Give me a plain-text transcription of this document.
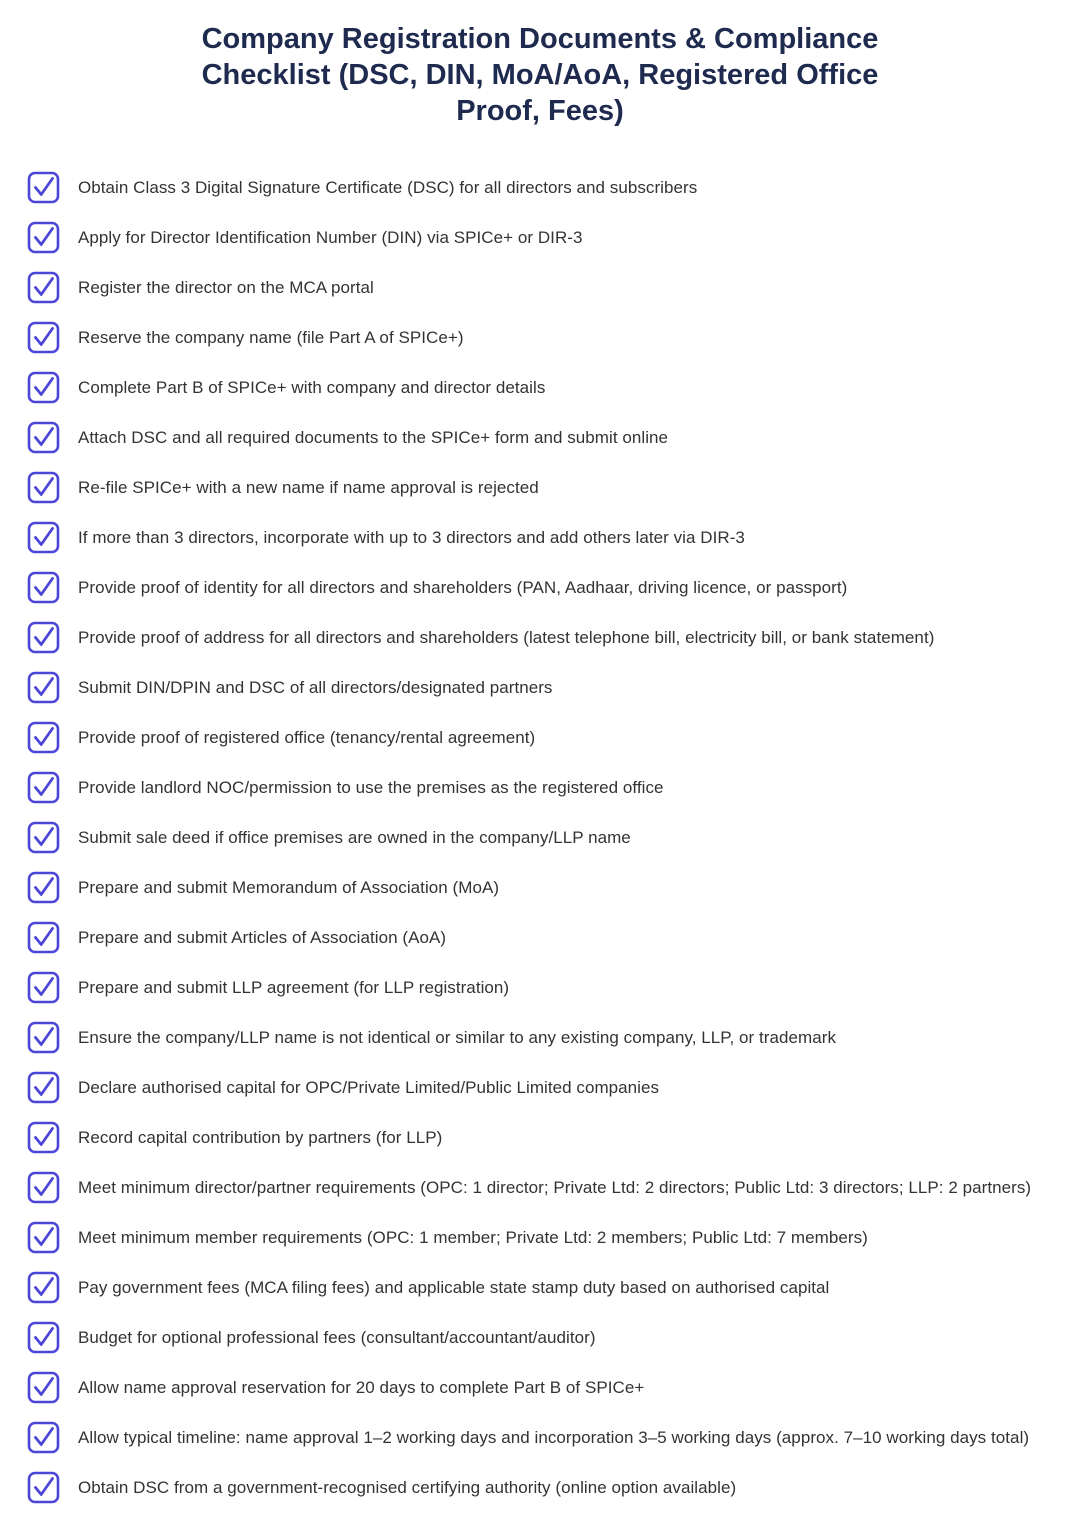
Company Registration Documents & Compliance
Checklist (DSC, DIN, MoA/AoA, Registered Office
Proof, Fees)
Obtain Class 3 Digital Signature Certificate (DSC) for all directors and subscribers
Apply for Director Identification Number (DIN) via SPICe+ or DIR-3
Register the director on the MCA portal
Reserve the company name (file Part A of SPICe+)
Complete Part B of SPICe+ with company and director details
Attach DSC and all required documents to the SPICe+ form and submit online
Re-file SPICe+ with a new name if name approval is rejected
If more than 3 directors, incorporate with up to 3 directors and add others later via DIR-3
Provide proof of identity for all directors and shareholders (PAN, Aadhaar, driving licence, or passport)
Provide proof of address for all directors and shareholders (latest telephone bill, electricity bill, or bank statement)
Submit DIN/DPIN and DSC of all directors/designated partners
Provide proof of registered office (tenancy/rental agreement)
Provide landlord NOC/permission to use the premises as the registered office
Submit sale deed if office premises are owned in the company/LLP name
Prepare and submit Memorandum of Association (MoA)
Prepare and submit Articles of Association (AoA)
Prepare and submit LLP agreement (for LLP registration)
Ensure the company/LLP name is not identical or similar to any existing company, LLP, or trademark
Declare authorised capital for OPC/Private Limited/Public Limited companies
Record capital contribution by partners (for LLP)
Meet minimum director/partner requirements (OPC: 1 director; Private Ltd: 2 directors; Public Ltd: 3 directors; LLP: 2 partners)
Meet minimum member requirements (OPC: 1 member; Private Ltd: 2 members; Public Ltd: 7 members)
Pay government fees (MCA filing fees) and applicable state stamp duty based on authorised capital
Budget for optional professional fees (consultant/accountant/auditor)
Allow name approval reservation for 20 days to complete Part B of SPICe+
Allow typical timeline: name approval 1–2 working days and incorporation 3–5 working days (approx. 7–10 working days total)
Obtain DSC from a government-recognised certifying authority (online option available)
